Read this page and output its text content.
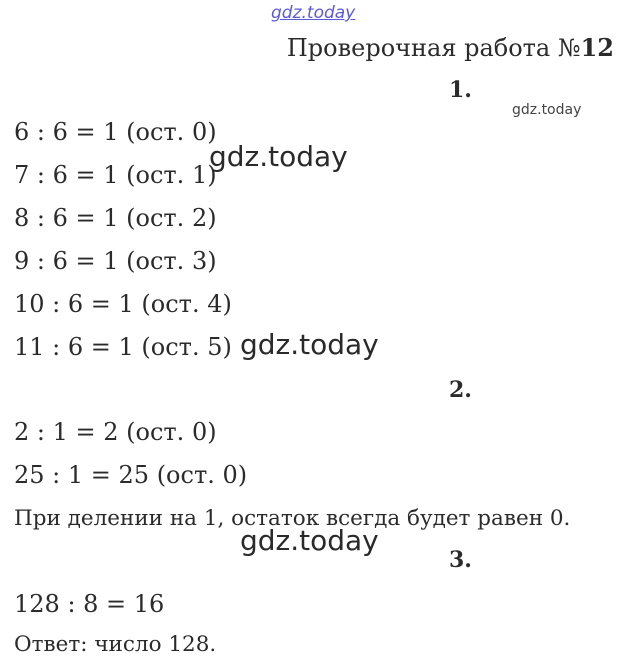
gdz.today
Проверочная работа №12
1.
gdz.today
6 : 6 = 1 (ост. 0)
7 : 6 = 1 (ост. 1)
8 : 6 = 1 (ост. 2)
9 : 6 = 1 (ост. 3)
10 : 6 = 1 (ост. 4)
11 : 6 = 1 (ост. 5)
gdz.today
gdz.today
2.
2 : 1 = 2 (ост. 0)
25 : 1 = 25 (ост. 0)
При делении на 1, остаток всегда будет равен 0.
gdz.today
3.
128 : 8 = 16
Ответ: число 128.
